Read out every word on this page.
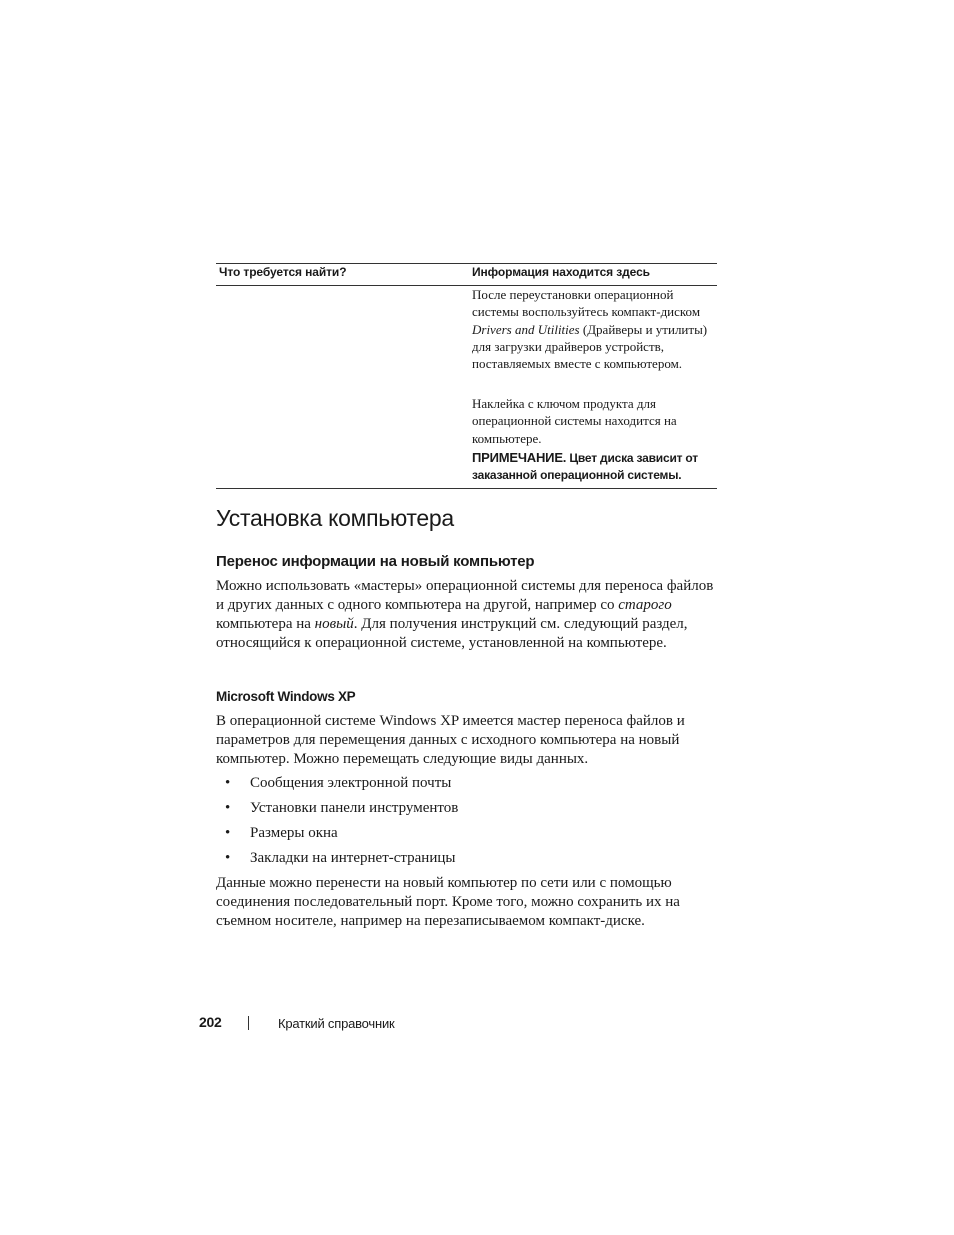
Что требуется найти?	Информация находится здесь
После переустановки операционной системы воспользуйтесь компакт-диском Drivers and Utilities (Драйверы и утилиты) для загрузки драйверов устройств, поставляемых вместе с компьютером.
Наклейка с ключом продукта для операционной системы находится на компьютере.
ПРИМЕЧАНИЕ. Цвет диска зависит от заказанной операционной системы.
Установка компьютера
Перенос информации на новый компьютер
Можно использовать «мастеры» операционной системы для переноса файлов и других данных с одного компьютера на другой, например со старого компьютера на новый. Для получения инструкций см. следующий раздел, относящийся к операционной системе, установленной на компьютере.
Microsoft Windows XP
В операционной системе Windows XP имеется мастер переноса файлов и параметров для перемещения данных с исходного компьютера на новый компьютер. Можно перемещать следующие виды данных.
• Сообщения электронной почты
• Установки панели инструментов
• Размеры окна
• Закладки на интернет-страницы
Данные можно перенести на новый компьютер по сети или с помощью соединения последовательный порт. Кроме того, можно сохранить их на съемном носителе, например на перезаписываемом компакт-диске.
202	Краткий справочник
